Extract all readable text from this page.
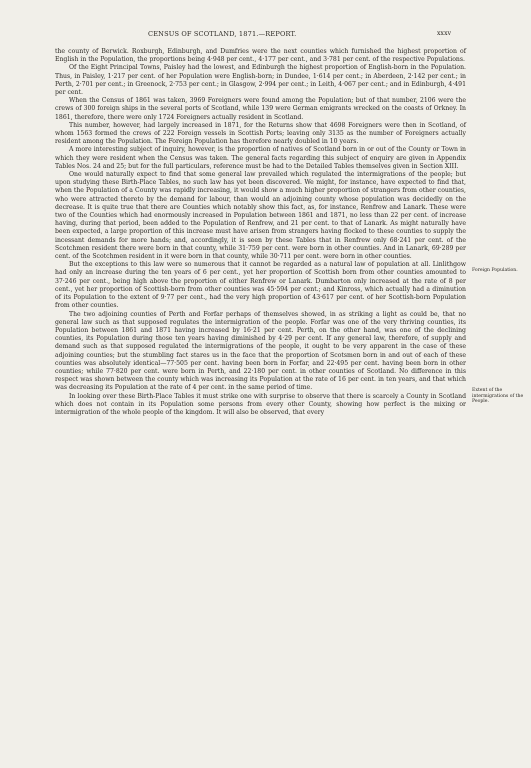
CENSUS OF SCOTLAND, 1871.—REPORT.	xxxv

the county of Berwick. Roxburgh, Edinburgh, and Dumfries were the next counties which furnished the highest proportion of English in the Population, the proportions being 4·948 per cent., 4·177 per cent., and 3·781 per cent. of the respective Populations.

Of the Eight Principal Towns, Paisley had the lowest, and Edinburgh the highest proportion of English-born in the Population. Thus, in Paisley, 1·217 per cent. of her Population were English-born; in Dundee, 1·614 per cent.; in Aberdeen, 2·142 per cent.; in Perth, 2·701 per cent.; in Greenock, 2·753 per cent.; in Glasgow, 2·994 per cent.; in Leith, 4·067 per cent.; and in Edinburgh, 4·491 per cent.

When the Census of 1861 was taken, 3969 Foreigners were found among the Population; but of that number, 2106 were the crews of 300 foreign ships in the several ports of Scotland, while 139 were German emigrants wrecked on the coasts of Orkney. In 1861, therefore, there were only 1724 Foreigners actually resident in Scotland.

This number, however, had largely increased in 1871, for the Returns show that 4698 Foreigners were then in Scotland, of whom 1563 formed the crews of 222 Foreign vessels in Scottish Ports; leaving only 3135 as the number of Foreigners actually resident among the Population. The Foreign Population has therefore nearly doubled in 10 years.

A more interesting subject of inquiry, however, is the proportion of natives of Scotland born in or out of the County or Town in which they were resident when the Census was taken. The general facts regarding this subject of enquiry are given in Appendix Tables Nos. 24 and 25; but for the full particulars, reference must be had to the Detailed Tables themselves given in Section XIII.

One would naturally expect to find that some general law prevailed which regulated the intermigrations of the people; but upon studying these Birth-Place Tables, no such law has yet been discovered. We might, for instance, have expected to find that, when the Population of a County was rapidly increasing, it would show a much higher proportion of strangers from other counties, who were attracted thereto by the demand for labour, than would an adjoining county whose population was decidedly on the decrease. It is quite true that there are Counties which notably show this fact, as, for instance, Renfrew and Lanark. These were two of the Counties which had enormously increased in Population between 1861 and 1871, no less than 22 per cent. of increase having, during that period, been added to the Population of Renfrew, and 21 per cent. to that of Lanark. As might naturally have been expected, a large proportion of this increase must have arisen from strangers having flocked to these counties to supply the incessant demands for more hands; and, accordingly, it is seen by these Tables that in Renfrew only 68·241 per cent. of the Scotchmen resident there were born in that county, while 31·759 per cent. were born in other counties. And in Lanark, 69·289 per cent. of the Scotchmen resident in it were born in that county, while 30·711 per cent. were born in other counties.

But the exceptions to this law were so numerous that it cannot be regarded as a natural law of population at all. Linlithgow had only an increase during the ten years of 6 per cent., yet her proportion of Scottish born from other counties amounted to 37·246 per cent., being high above the proportion of either Renfrew or Lanark. Dumbarton only increased at the rate of 8 per cent., yet her proportion of Scottish-born from other counties was 45·594 per cent.; and Kinross, which actually had a diminution of its Population to the extent of 9·77 per cent., had the very high proportion of 43·617 per cent. of her Scottish-born Population from other counties.

The two adjoining counties of Perth and Forfar perhaps of themselves showed, in as striking a light as could be, that no general law such as that supposed regulates the intermigration of the people. Forfar was one of the very thriving counties, its Population between 1861 and 1871 having increased by 16·21 per cent. Perth, on the other hand, was one of the declining counties, its Population during those ten years having diminished by 4·29 per cent. If any general law, therefore, of supply and demand such as that supposed regulated the intermigrations of the people, it ought to be very apparent in the case of these adjoining counties; but the stumbling fact stares us in the face that the proportion of Scotsmen born in and out of each of these counties was absolutely identical—77·505 per cent. having been born in Forfar, and 22·495 per cent. having been born in other counties; while 77·820 per cent. were born in Perth, and 22·180 per cent. in other counties of Scotland. No difference in this respect was shown between the county which was increasing its Population at the rate of 16 per cent. in ten years, and that which was decreasing its Population at the rate of 4 per cent. in the same period of time.

In looking over these Birth-Place Tables it must strike one with surprise to observe that there is scarcely a County in Scotland which does not contain in its Population some persons from every other County, showing how perfect is the mixing or intermigration of the whole people of the kingdom. It will also be observed, that every

Foreign Population.
Extent of the intermigrations of the People.
